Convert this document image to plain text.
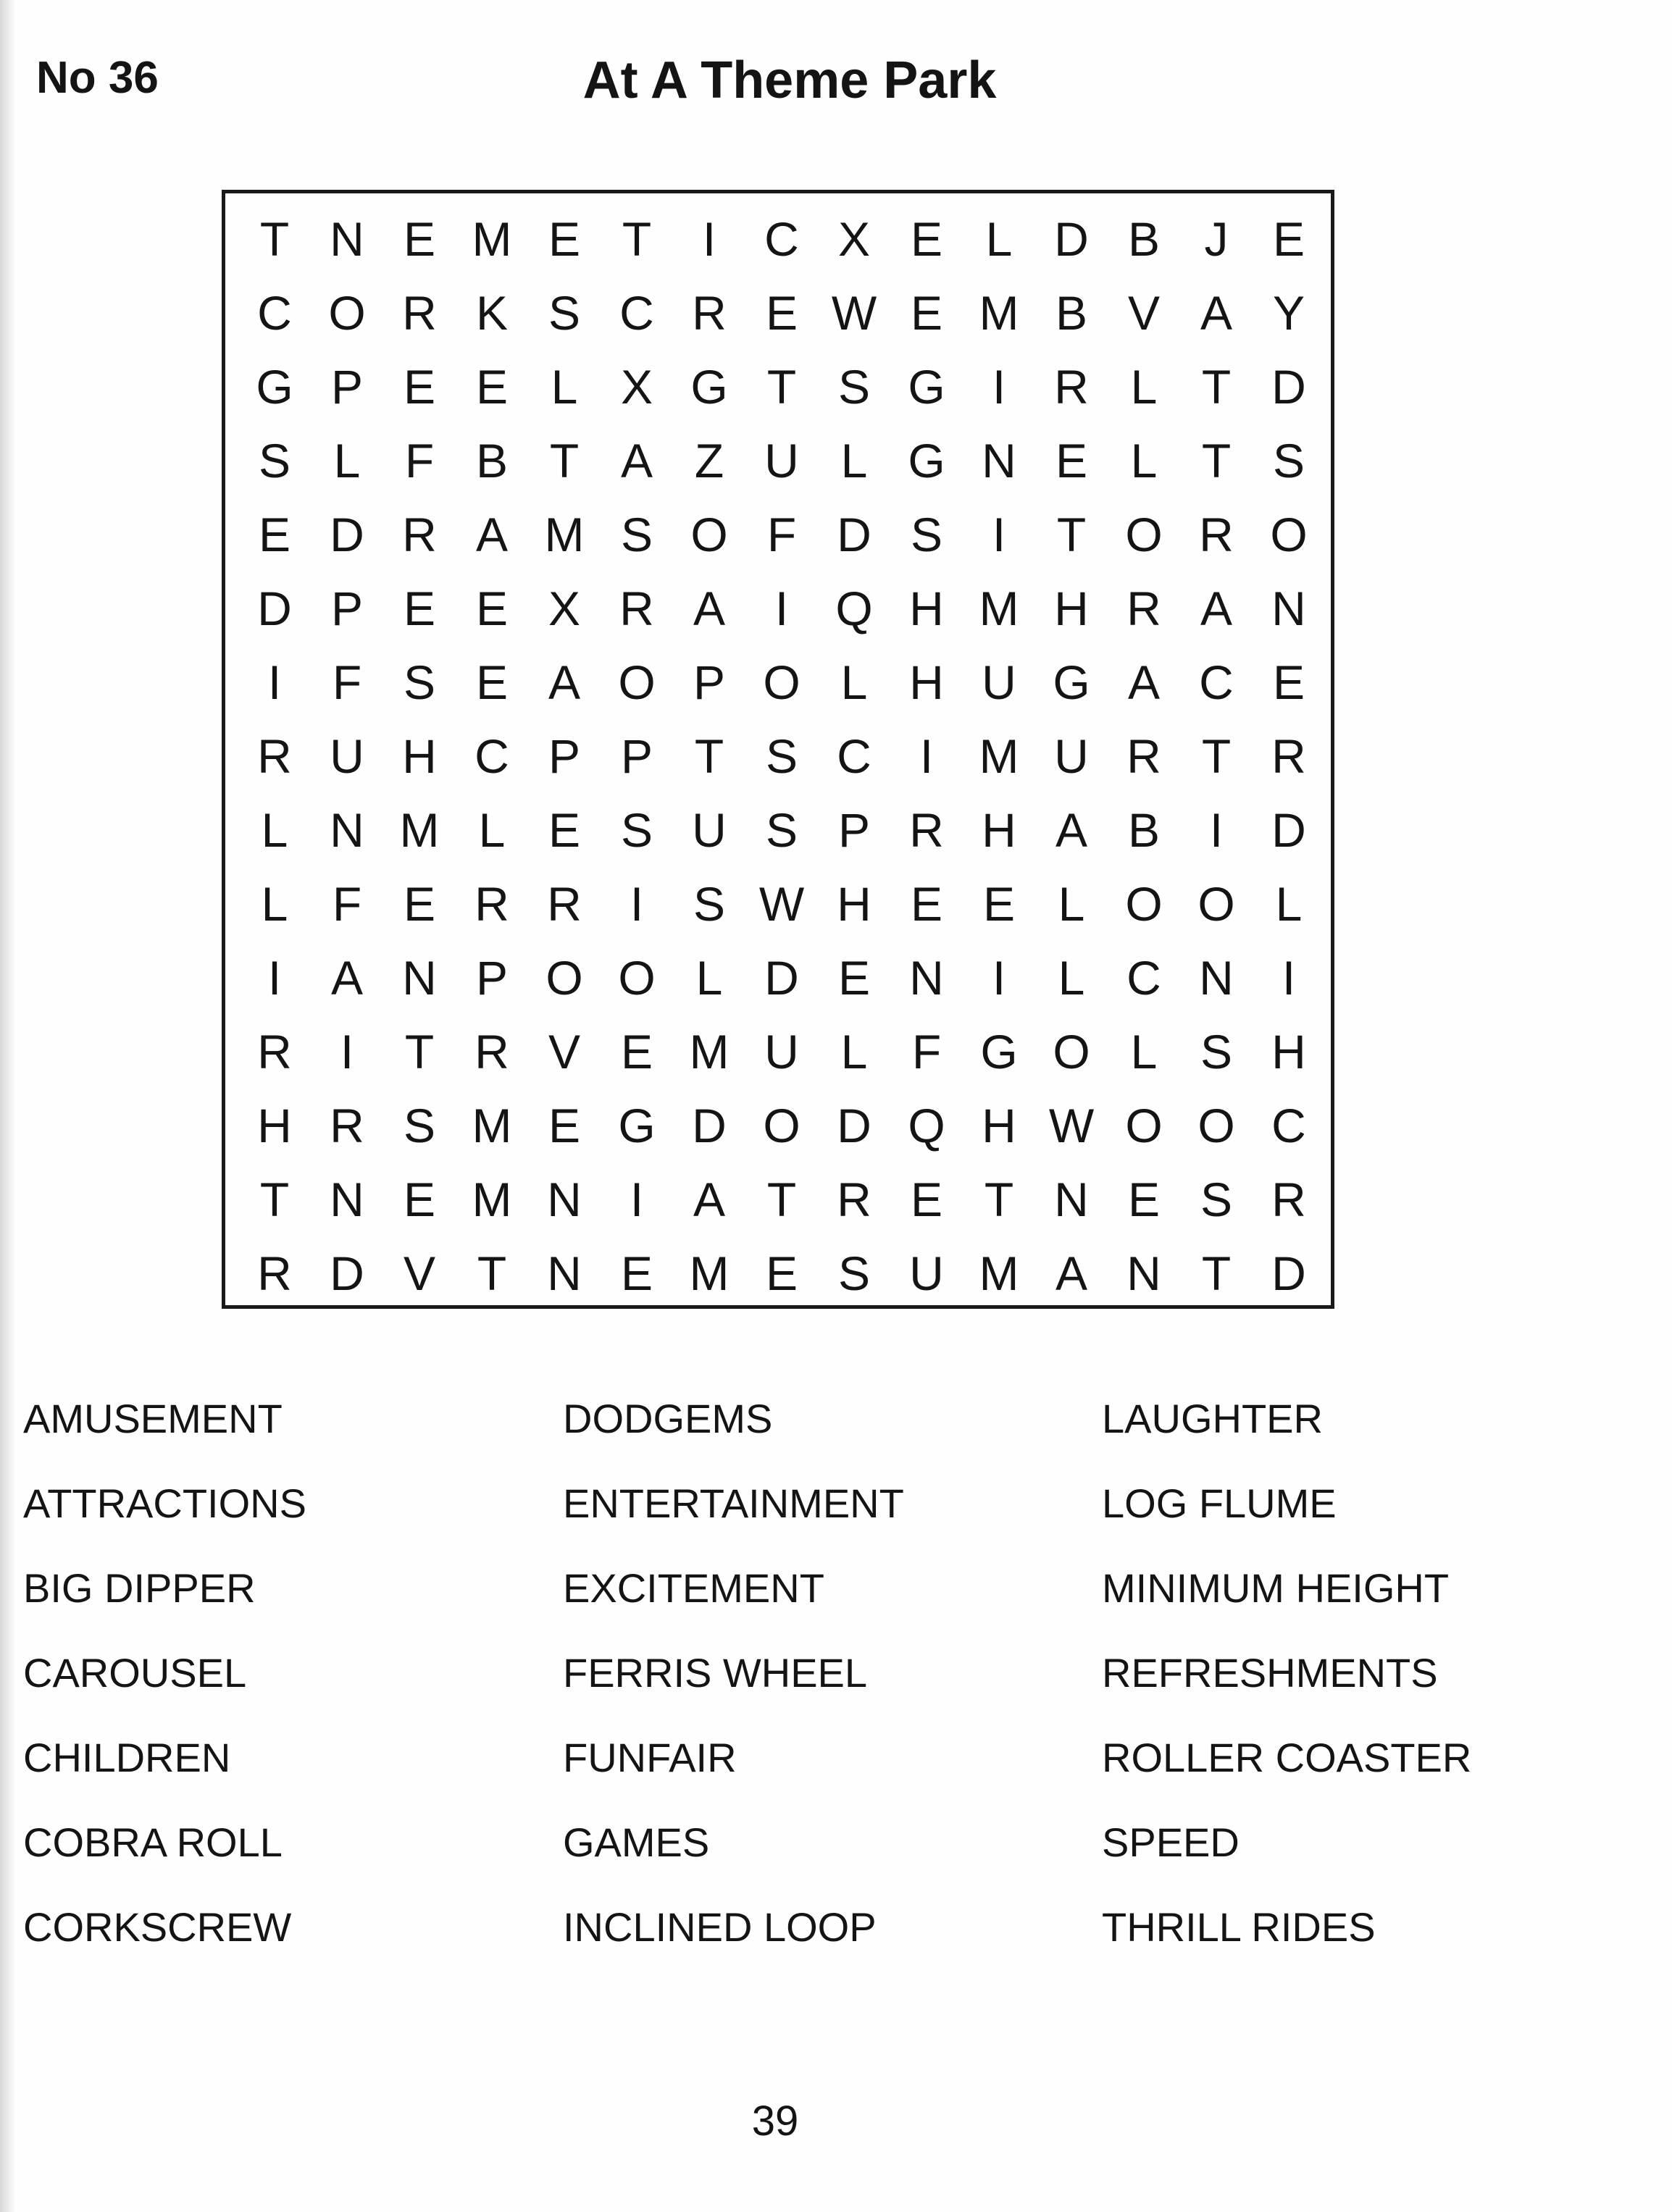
No 36	At A Theme Park
T N E M E T	I	C X E L D B J E
C O R K S C R E W E M B V A Y
G P E E L X G T S G I	R L T D
S L F B T A Z U L G N E L T S
E D R A M S O F D S	I	T O R O
D P E E X R A	I Q H M H R A N
I	F S E A O P O L H U G A C E
R U H C P P T S C	I M U R T R
L N M L E S U S P R H A B	I	D
L F E R R	I	S W H E E L O O L
I	A N P O O L D E N	I	L C N	I
R	I	T R V E M U L F G O L S H
H R S M E G D O D Q H W O O C
T N E M N	I	A T R E T N E S R
R D V T N E M E S U M A N T D
AMUSEMENT
ATTRACTIONS
BIG DIPPER
CAROUSEL
CHILDREN
COBRA ROLL
CORKSCREW
DODGEMS
ENTERTAINMENT
EXCITEMENT
FERRIS WHEEL
FUNFAIR
GAMES
INCLINED LOOP
LAUGHTER
LOG FLUME
MINIMUM HEIGHT
REFRESHMENTS
ROLLER COASTER
SPEED
THRILL RIDES
39
